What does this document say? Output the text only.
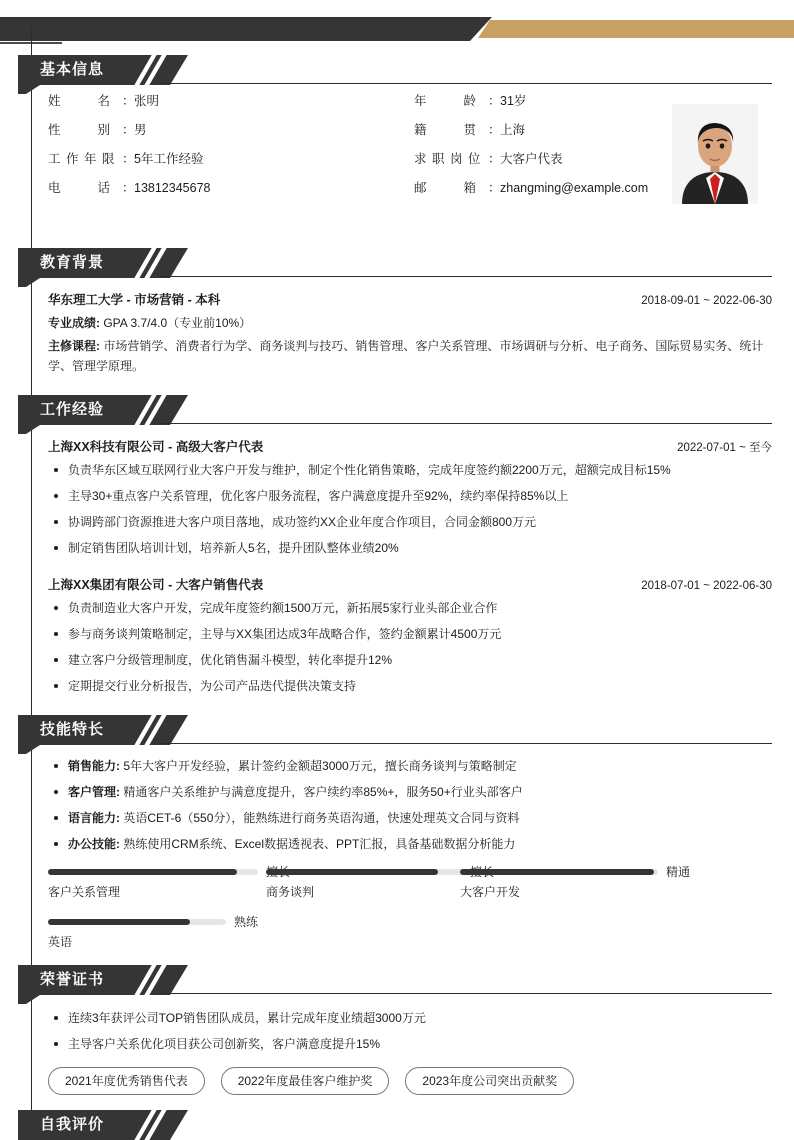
基本信息
姓　　名 ： 张明
性　　别 ： 男
工 作 年 限 ： 5年工作经验
电　　话 ： 13812345678
年　　龄 ： 31岁
籍　　贯 ： 上海
求 职 岗 位 ： 大客户代表
邮　　箱 ： zhangming@example.com
教育背景
华东理工大学 - 市场营销 - 本科	2018-09-01 ~ 2022-06-30
专业成绩: GPA 3.7/4.0（专业前10%）
主修课程: 市场营销学、消费者行为学、商务谈判与技巧、销售管理、客户关系管理、市场调研与分析、电子商务、国际贸易实务、统计学、管理学原理。
工作经验
上海XX科技有限公司 - 高级大客户代表	2022-07-01 ~ 至今
负责华东区域互联网行业大客户开发与维护，制定个性化销售策略，完成年度签约额2200万元，超额完成目标15%
主导30+重点客户关系管理，优化客户服务流程，客户满意度提升至92%，续约率保持85%以上
协调跨部门资源推进大客户项目落地，成功签约XX企业年度合作项目，合同金额800万元
制定销售团队培训计划，培养新人5名，提升团队整体业绩20%
上海XX集团有限公司 - 大客户销售代表	2018-07-01 ~ 2022-06-30
负责制造业大客户开发，完成年度签约额1500万元，新拓展5家行业头部企业合作
参与商务谈判策略制定，主导与XX集团达成3年战略合作，签约金额累计4500万元
建立客户分级管理制度，优化销售漏斗模型，转化率提升12%
定期提交行业分析报告，为公司产品迭代提供决策支持
技能特长
销售能力: 5年大客户开发经验，累计签约金额超3000万元，擅长商务谈判与策略制定
客户管理: 精通客户关系维护与满意度提升，客户续约率85%+，服务50+行业头部客户
语言能力: 英语CET-6（550分），能熟练进行商务英语沟通，快速处理英文合同与资料
办公技能: 熟练使用CRM系统、Excel数据透视表、PPT汇报，具备基础数据分析能力
客户关系管理	商务谈判
精通
大客户开发
熟练
英语
荣誉证书
连续3年获评公司TOP销售团队成员，累计完成年度业绩超3000万元
主导客户关系优化项目获公司创新奖，客户满意度提升15%
2021年度优秀销售代表	2022年度最佳客户维护奖	2023年度公司突出贡献奖
自我评价
